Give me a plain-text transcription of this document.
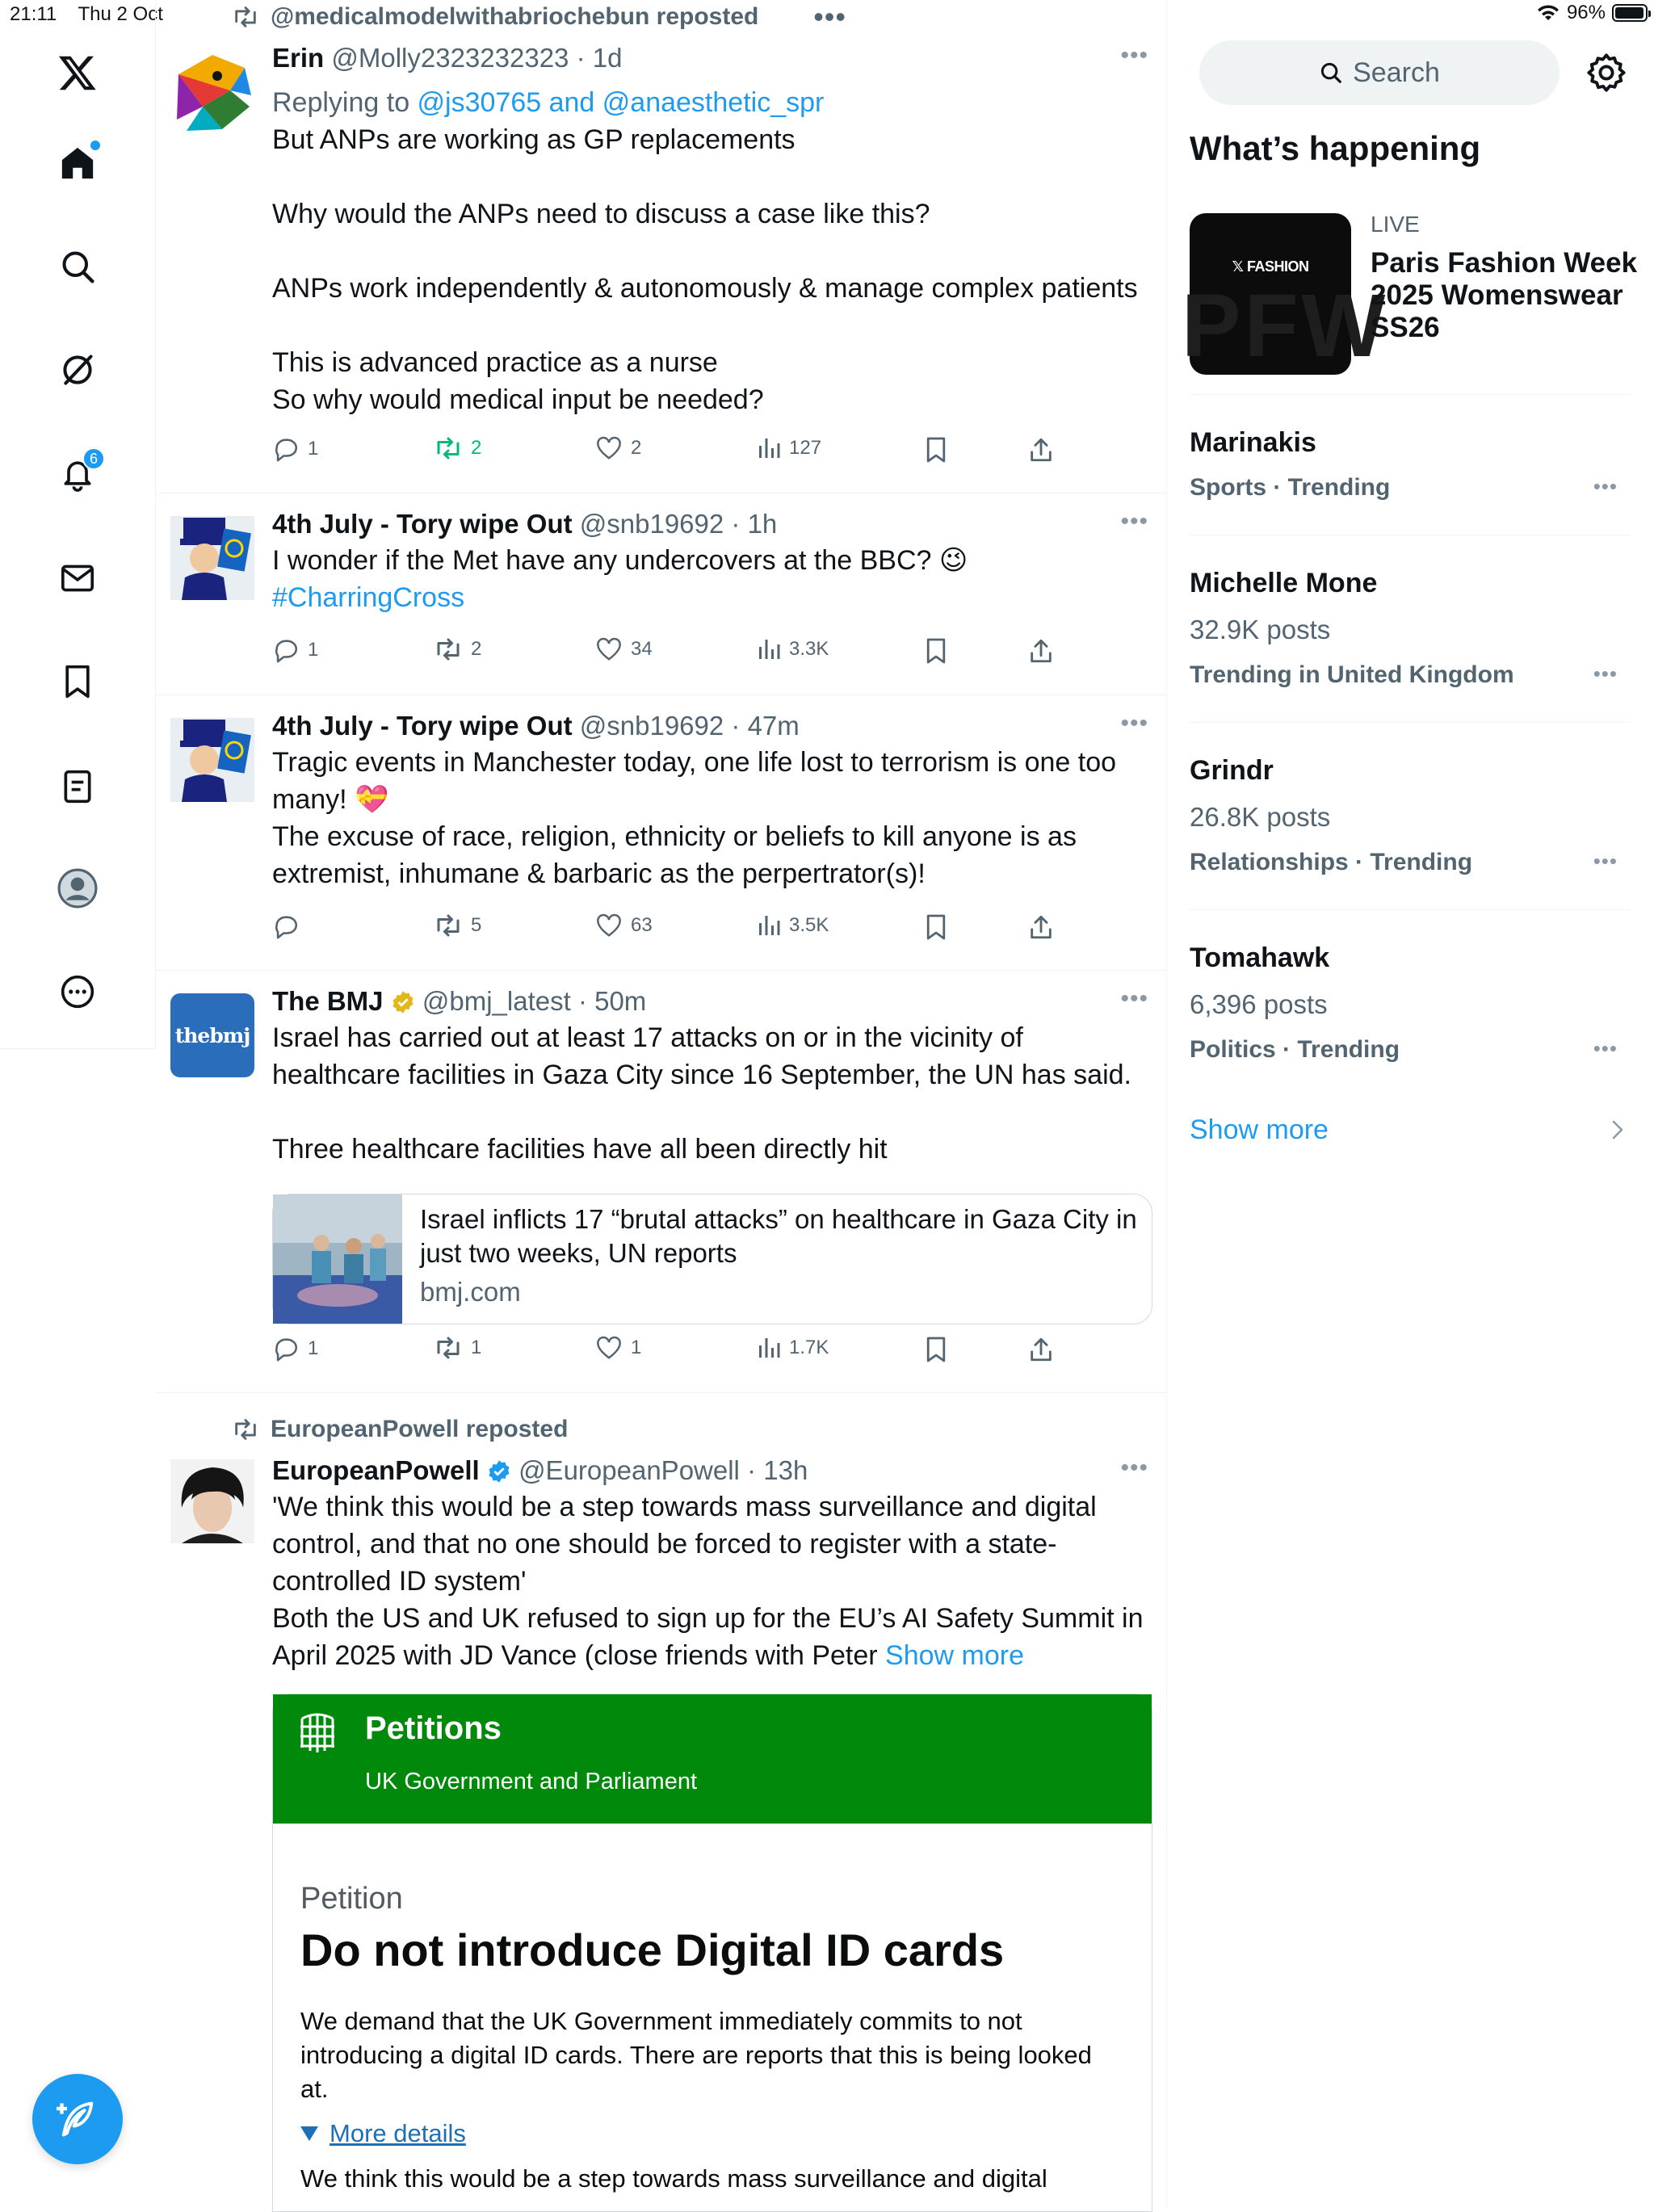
21:11 Thu 2 Oct	96%
6
@medicalmodelwithabriochebun reposted •••
Erin @Molly2323232323 · 1d
Replying to @js30765 and @anaesthetic_spr
But ANPs are working as GP replacements

Why would the ANPs need to discuss a case like this?

ANPs work independently & autonomously & manage complex patients

This is advanced practice as a nurse
So why would medical input be needed?
•••
1	2	2	127
4th July - Tory wipe Out @snb19692 · 1h
I wonder if the Met have any undercovers at the BBC? 😉
#CharringCross
•••
1	2	34	3.3K
4th July - Tory wipe Out @snb19692 · 47m
Tragic events in Manchester today, one life lost to terrorism is one too many! 💝
The excuse of race, religion, ethnicity or beliefs to kill anyone is as extremist, inhumane & barbaric as the perpertrator(s)!
•••
5	63	3.5K
thebmj
The BMJ @bmj_latest · 50m
Israel has carried out at least 17 attacks on or in the vicinity of healthcare facilities in Gaza City since 16 September, the UN has said.

Three healthcare facilities have all been directly hit
•••
Israel inflicts 17 “brutal attacks” on healthcare in Gaza City in just two weeks, UN reports
bmj.com
1	1	1	1.7K
EuropeanPowell reposted
EuropeanPowell @EuropeanPowell · 13h
'We think this would be a step towards mass surveillance and digital control, and that no one should be forced to register with a state-controlled ID system'
Both the US and UK refused to sign up for the EU’s AI Safety Summit in April 2025 with JD Vance (close friends with Peter Show more
•••
Petitions
UK Government and Parliament
Petition
Do not introduce Digital ID cards
We demand that the UK Government immediately commits to not introducing a digital ID cards. There are reports that this is being looked at.
More details
We think this would be a step towards mass surveillance and digital
Search
What’s happening
PFW
𝕏 FASHION
LIVE
Paris Fashion Week 2025 Womenswear SS26
Marinakis
Sports · Trending	•••
Michelle Mone
32.9K posts
Trending in United Kingdom	•••
Grindr
26.8K posts
Relationships · Trending	•••
Tomahawk
6,396 posts
Politics · Trending	•••
Show more
